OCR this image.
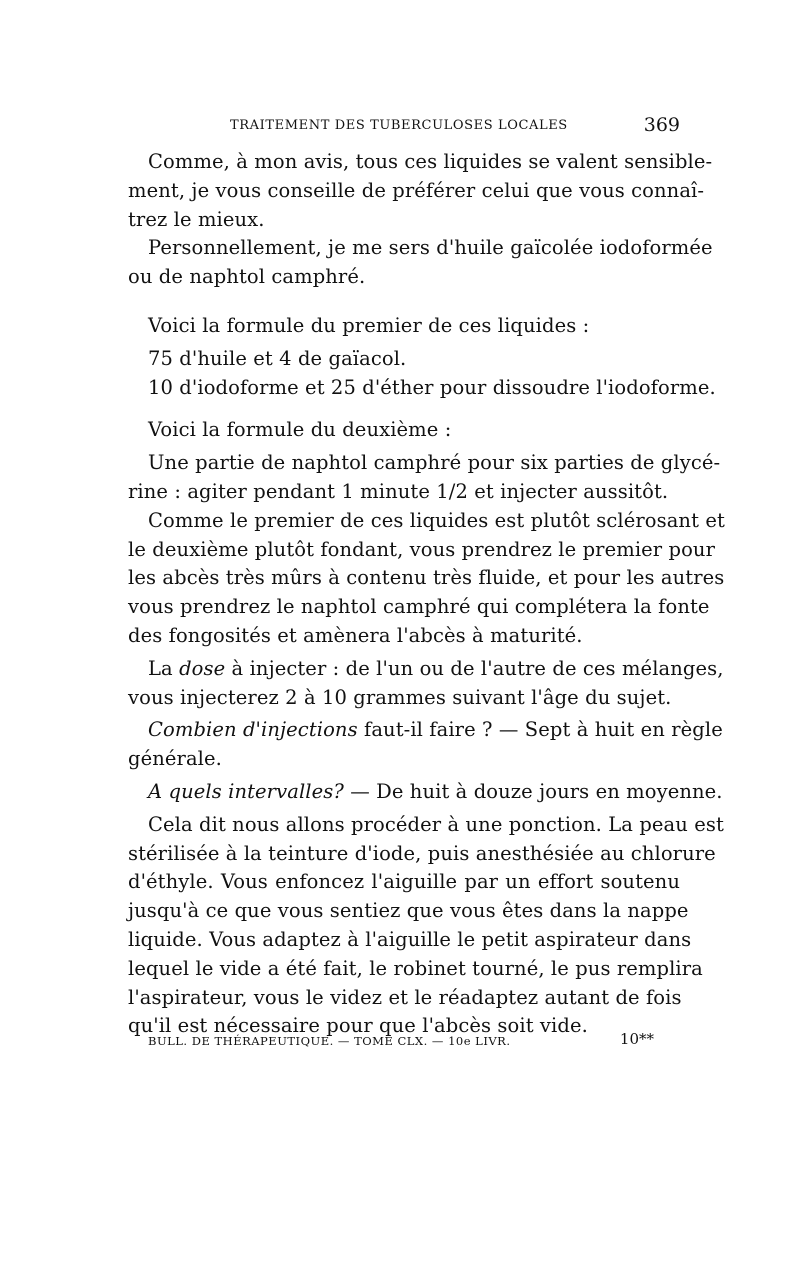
TRAITEMENT DES TUBERCULOSES LOCALES	369
Comme, à mon avis, tous ces liquides se valent sensible-
ment, je vous conseille de préférer celui que vous connaî-
trez le mieux.
Personnellement, je me sers d'huile gaïcolée iodoformée
ou de naphtol camphré.
Voici la formule du premier de ces liquides :
75 d'huile et 4 de gaïacol.
10 d'iodoforme et 25 d'éther pour dissoudre l'iodoforme.
Voici la formule du deuxième :
Une partie de naphtol camphré pour six parties de glycé-
rine : agiter pendant 1 minute 1/2 et injecter aussitôt.
Comme le premier de ces liquides est plutôt sclérosant et
le deuxième plutôt fondant, vous prendrez le premier pour
les abcès très mûrs à contenu très fluide, et pour les autres
vous prendrez le naphtol camphré qui complétera la fonte
des fongosités et amènera l'abcès à maturité.
La dose à injecter : de l'un ou de l'autre de ces mélanges,
vous injecterez 2 à 10 grammes suivant l'âge du sujet.
Combien d'injections faut-il faire ? — Sept à huit en règle
générale.
A quels intervalles? — De huit à douze jours en moyenne.
Cela dit nous allons procéder à une ponction. La peau est
stérilisée à la teinture d'iode, puis anesthésiée au chlorure
d'éthyle. Vous enfoncez l'aiguille par un effort soutenu
jusqu'à ce que vous sentiez que vous êtes dans la nappe
liquide. Vous adaptez à l'aiguille le petit aspirateur dans
lequel le vide a été fait, le robinet tourné, le pus remplira
l'aspirateur, vous le videz et le réadaptez autant de fois
qu'il est nécessaire pour que l'abcès soit vide.
BULL. DE THÉRAPEUTIQUE. — TOME CLX. — 10e LIVR.	10**
